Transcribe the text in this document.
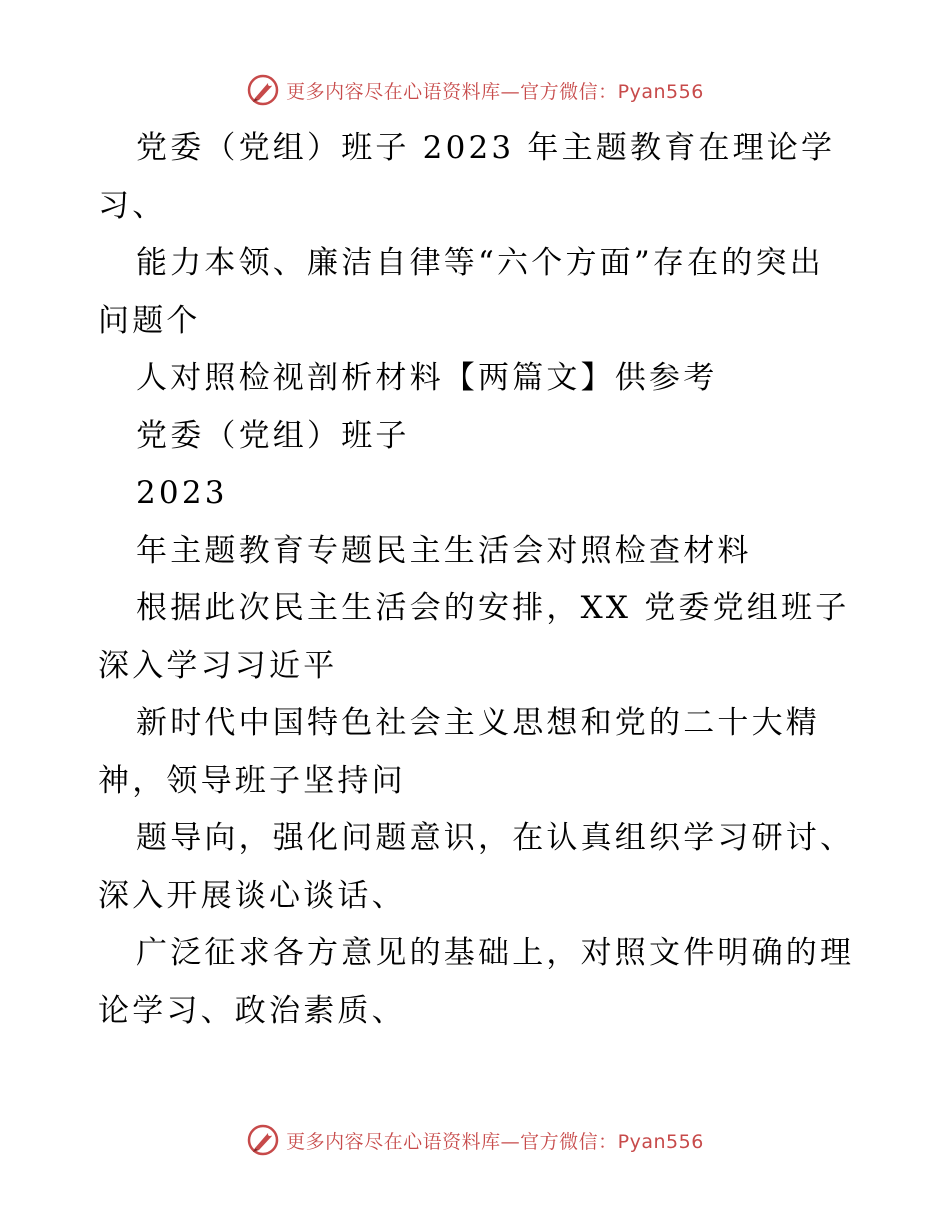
更多内容尽在心语资料库—官方微信：Pyan556
党委（党组）班子 2023 年主题教育在理论学
习、
能力本领、廉洁自律等“六个方面”存在的突出
问题个
人对照检视剖析材料【两篇文】供参考
党委（党组）班子
2023
年主题教育专题民主生活会对照检查材料
根据此次民主生活会的安排，XX 党委党组班子
深入学习习近平
新时代中国特色社会主义思想和党的二十大精
神，领导班子坚持问
题导向，强化问题意识，在认真组织学习研讨、
深入开展谈心谈话、
广泛征求各方意见的基础上，对照文件明确的理
论学习、政治素质、
更多内容尽在心语资料库—官方微信：Pyan556
